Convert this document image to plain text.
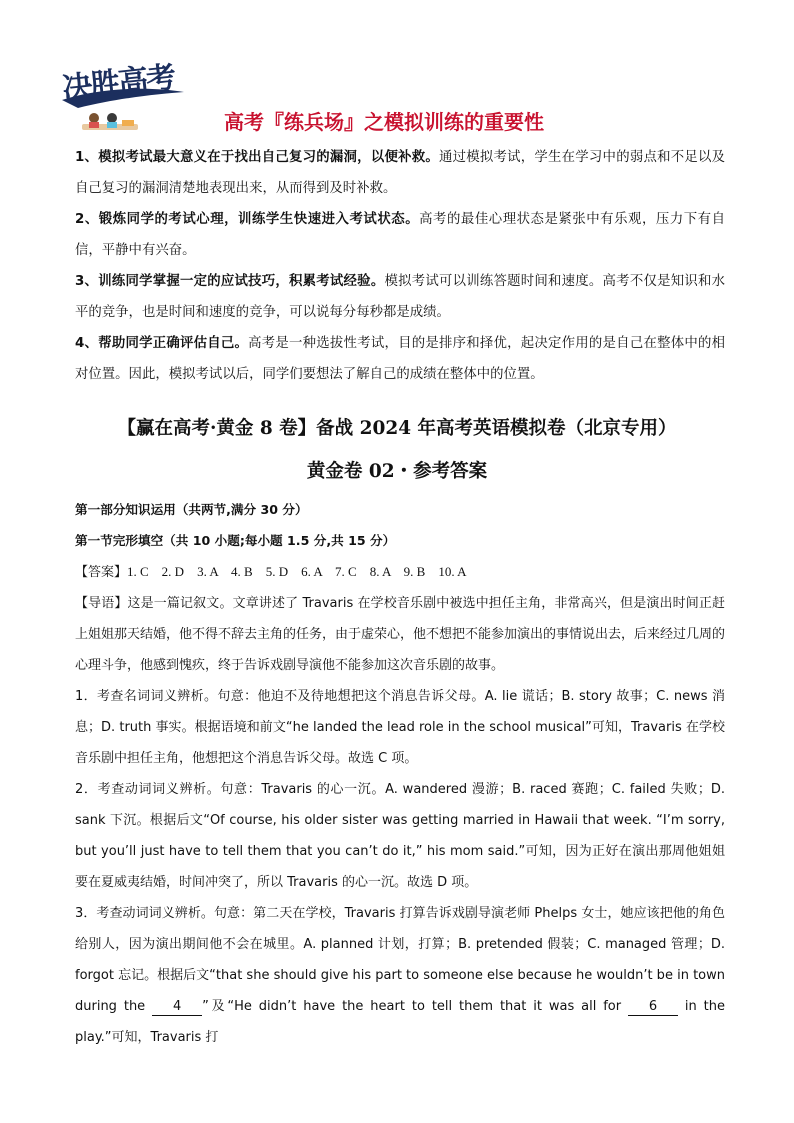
决胜高考
高考『练兵场』之模拟训练的重要性

1、模拟考试最大意义在于找出自己复习的漏洞，以便补救。通过模拟考试，学生在学习中的弱点和不足以及自己复习的漏洞清楚地表现出来，从而得到及时补救。

2、锻炼同学的考试心理，训练学生快速进入考试状态。高考的最佳心理状态是紧张中有乐观，压力下有自信，平静中有兴奋。

3、训练同学掌握一定的应试技巧，积累考试经验。模拟考试可以训练答题时间和速度。高考不仅是知识和水平的竞争，也是时间和速度的竞争，可以说每分每秒都是成绩。

4、帮助同学正确评估自己。高考是一种选拔性考试，目的是排序和择优，起决定作用的是自己在整体中的相对位置。因此，模拟考试以后，同学们要想法了解自己的成绩在整体中的位置。

【赢在高考·黄金 8 卷】备战 2024 年高考英语模拟卷（北京专用）
黄金卷 02・参考答案

第一部分知识运用（共两节,满分 30 分）

第一节完形填空（共 10 小题;每小题 1.5 分,共 15 分）

【答案】1. C    2. D    3. A    4. B    5. D    6. A    7. C    8. A    9. B    10. A

【导语】这是一篇记叙文。文章讲述了 Travaris 在学校音乐剧中被选中担任主角，非常高兴，但是演出时间正赶上姐姐那天结婚，他不得不辞去主角的任务，由于虚荣心，他不想把不能参加演出的事情说出去，后来经过几周的心理斗争，他感到愧疚，终于告诉戏剧导演他不能参加这次音乐剧的故事。

1．考查名词词义辨析。句意：他迫不及待地想把这个消息告诉父母。A. lie 谎话；B. story 故事；C. news 消息；D. truth 事实。根据语境和前文“he landed the lead role in the school musical”可知，Travaris 在学校音乐剧中担任主角，他想把这个消息告诉父母。故选 C 项。

2．考查动词词义辨析。句意：Travaris 的心一沉。A. wandered 漫游；B. raced 赛跑；C. failed 失败；D. sank 下沉。根据后文“Of course, his older sister was getting married in Hawaii that week. “I’m sorry, but you’ll just have to tell them that you can’t do it,” his mom said.”可知，因为正好在演出那周他姐姐要在夏威夷结婚，时间冲突了，所以 Travaris 的心一沉。故选 D 项。

3．考查动词词义辨析。句意：第二天在学校，Travaris 打算告诉戏剧导演老师 Phelps 女士，她应该把他的角色给别人，因为演出期间他不会在城里。A. planned 计划，打算；B. pretended 假装；C. managed 管理；D. forgot 忘记。根据后文“that she should give his part to someone else because he wouldn’t be in town during the 4 ”及“He didn’t have the heart to tell them that it was all for 6 in the play.”可知，Travaris 打
